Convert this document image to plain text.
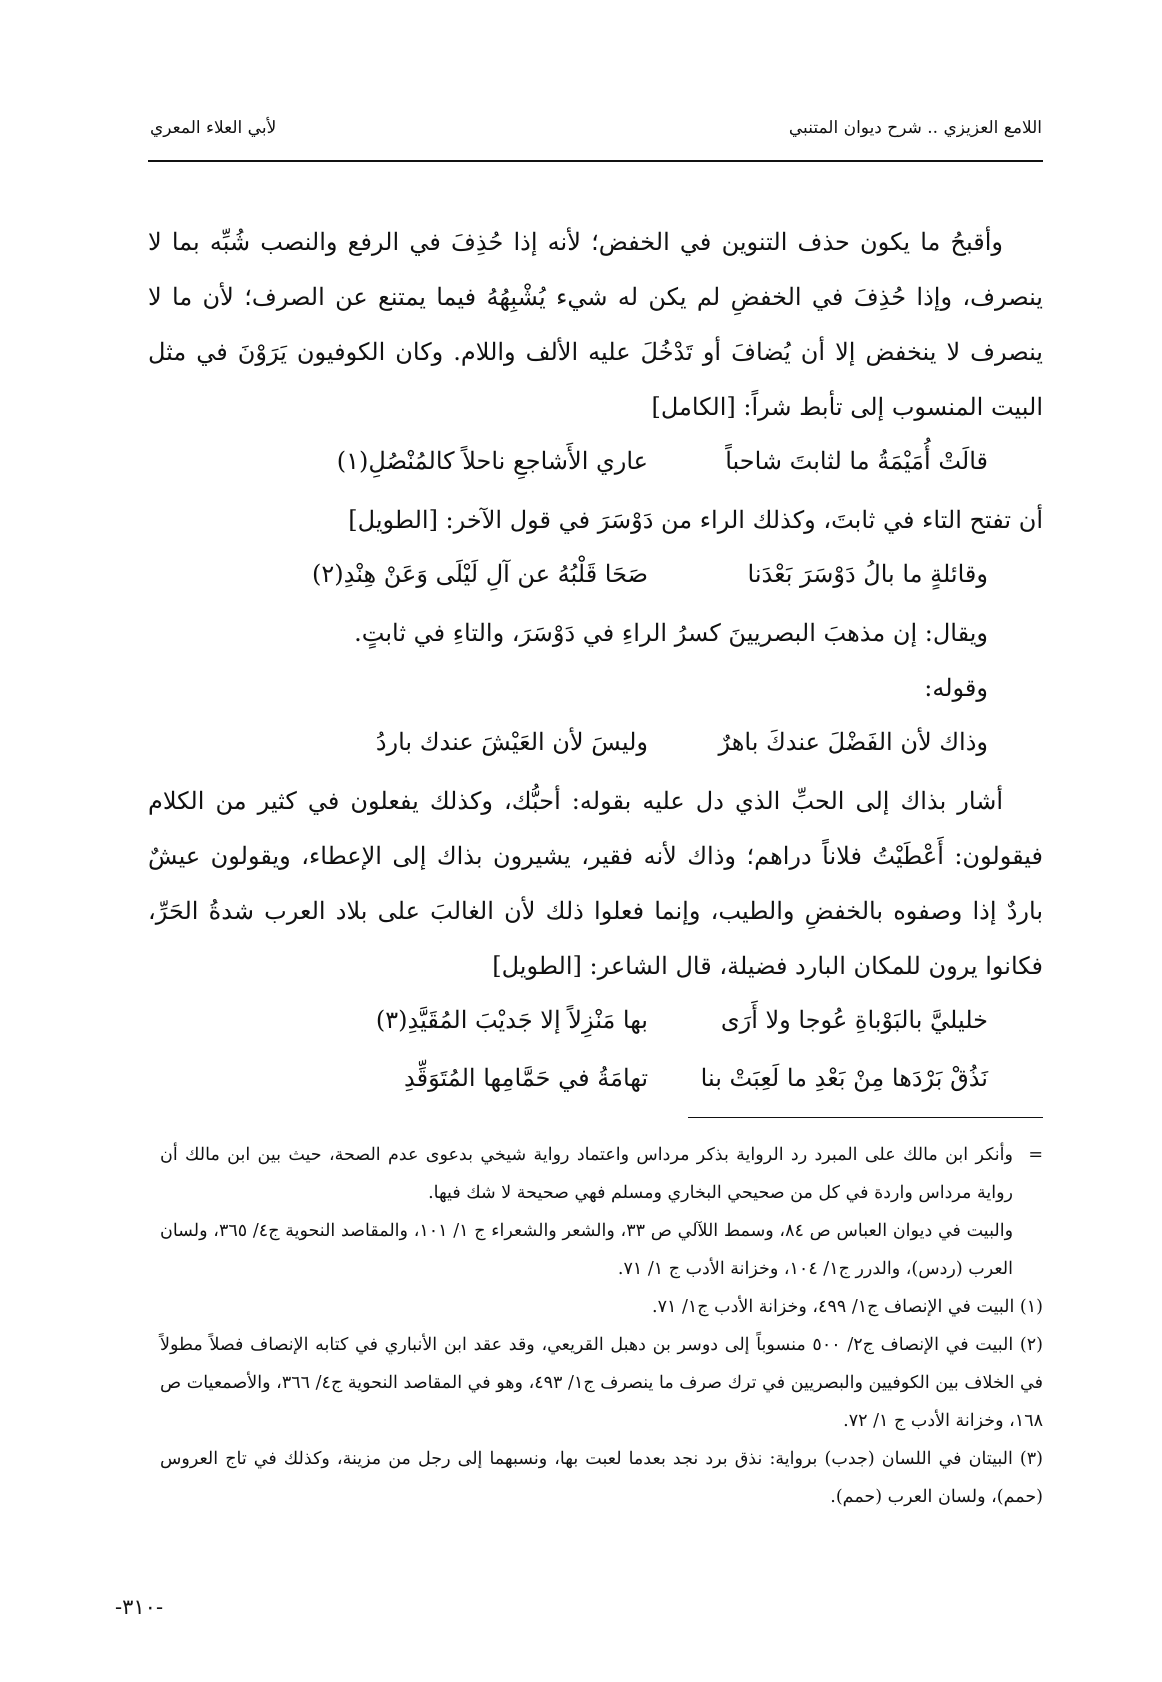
اللامع العزيزي .. شرح ديوان المتنبي
لأبي العلاء المعري
وأقبحُ ما يكون حذف التنوين في الخفض؛ لأنه إذا حُذِفَ في الرفع والنصب شُبِّه بما لا ينصرف، وإذا حُذِفَ في الخفضِ لم يكن له شيء يُشْبِهُهُ فيما يمتنع عن الصرف؛ لأن ما لا ينصرف لا ينخفض إلا أن يُضافَ أو تَدْخُلَ عليه الألف واللام. وكان الكوفيون يَرَوْنَ في مثل البيت المنسوب إلى تأبط شراً: [الكامل]
قالَتْ أُمَيْمَةُ ما لثابتَ شاحباً
عاري الأَشاجعِ ناحلاً كالمُنْصُلِ(١)
أن تفتح التاء في ثابتَ، وكذلك الراء من دَوْسَرَ في قول الآخر: [الطويل]
وقائلةٍ ما بالُ دَوْسَرَ بَعْدَنا
صَحَا قَلْبُهُ عن آلِ لَيْلَى وَعَنْ هِنْدِ(٢)
ويقال: إن مذهبَ البصريينَ كسرُ الراءِ في دَوْسَرَ، والتاءِ في ثابتٍ.
وقوله:
وذاك لأن الفَضْلَ عندكَ باهرٌ
وليسَ لأن العَيْشَ عندك باردُ
أشار بذاك إلى الحبِّ الذي دل عليه بقوله: أحبُّك، وكذلك يفعلون في كثير من الكلام فيقولون: أَعْطَيْتُ فلاناً دراهم؛ وذاك لأنه فقير، يشيرون بذاك إلى الإعطاء، ويقولون عيشٌ باردٌ إذا وصفوه بالخفضِ والطيب، وإنما فعلوا ذلك لأن الغالبَ على بلاد العرب شدةُ الحَرِّ، فكانوا يرون للمكان البارد فضيلة، قال الشاعر: [الطويل]
خليليَّ بالبَوْباةِ عُوجا ولا أَرَى
بها مَنْزِلاً إلا جَديْبَ المُقَيَّدِ(٣)
نَذُقْ بَرْدَها مِنْ بَعْدِ ما لَعِبَتْ بنا
تهامَةُ في حَمَّامِها المُتَوَقِّدِ
=
وأنكر ابن مالك على المبرد رد الرواية بذكر مرداس واعتماد رواية شيخي بدعوى عدم الصحة، حيث بين ابن مالك أن رواية مرداس واردة في كل من صحيحي البخاري ومسلم فهي صحيحة لا شك فيها.
والبيت في ديوان العباس ص ٨٤، وسمط اللآلي ص ٣٣، والشعر والشعراء ج ١/ ١٠١، والمقاصد النحوية ج٤/ ٣٦٥، ولسان العرب (ردس)، والدرر ج١/ ١٠٤، وخزانة الأدب ج ١/ ٧١.
(١) البيت في الإنصاف ج١/ ٤٩٩، وخزانة الأدب ج١/ ٧١.
(٢) البيت في الإنصاف ج٢/ ٥٠٠ منسوباً إلى دوسر بن دهبل القريعي، وقد عقد ابن الأنباري في كتابه الإنصاف فصلاً مطولاً في الخلاف بين الكوفيين والبصريين في ترك صرف ما ينصرف ج١/ ٤٩٣، وهو في المقاصد النحوية ج٤/ ٣٦٦، والأصمعيات ص ١٦٨، وخزانة الأدب ج ١/ ٧٢.
(٣) البيتان في اللسان (جدب) برواية: نذق برد نجد بعدما لعبت بها، ونسبهما إلى رجل من مزينة، وكذلك في تاج العروس (حمم)، ولسان العرب (حمم).
-٣١٠-
